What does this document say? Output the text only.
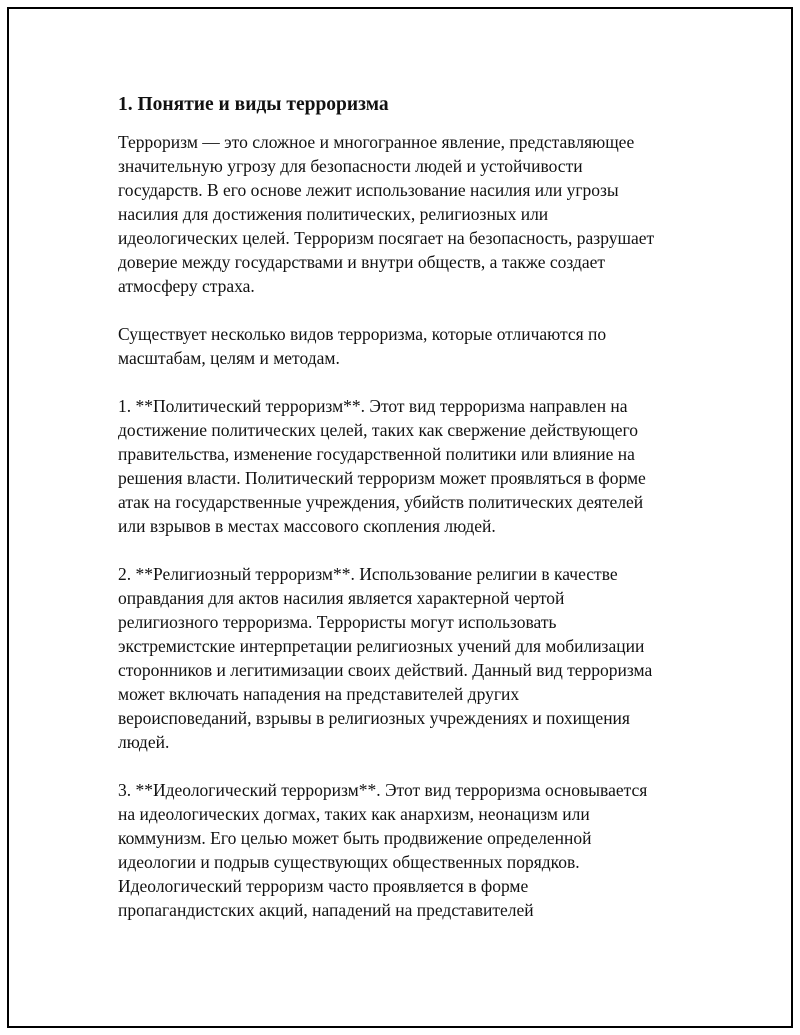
1. Понятие и виды терроризма
Терроризм — это сложное и многогранное явление, представляющее
значительную угрозу для безопасности людей и устойчивости
государств. В его основе лежит использование насилия или угрозы
насилия для достижения политических, религиозных или
идеологических целей. Терроризм посягает на безопасность, разрушает
доверие между государствами и внутри обществ, а также создает
атмосферу страха.
Существует несколько видов терроризма, которые отличаются по
масштабам, целям и методам.
1. **Политический терроризм**. Этот вид терроризма направлен на
достижение политических целей, таких как свержение действующего
правительства, изменение государственной политики или влияние на
решения власти. Политический терроризм может проявляться в форме
атак на государственные учреждения, убийств политических деятелей
или взрывов в местах массового скопления людей.
2. **Религиозный терроризм**. Использование религии в качестве
оправдания для актов насилия является характерной чертой
религиозного терроризма. Террористы могут использовать
экстремистские интерпретации религиозных учений для мобилизации
сторонников и легитимизации своих действий. Данный вид терроризма
может включать нападения на представителей других
вероисповеданий, взрывы в религиозных учреждениях и похищения
людей.
3. **Идеологический терроризм**. Этот вид терроризма основывается
на идеологических догмах, таких как анархизм, неонацизм или
коммунизм. Его целью может быть продвижение определенной
идеологии и подрыв существующих общественных порядков.
Идеологический терроризм часто проявляется в форме
пропагандистских акций, нападений на представителей
